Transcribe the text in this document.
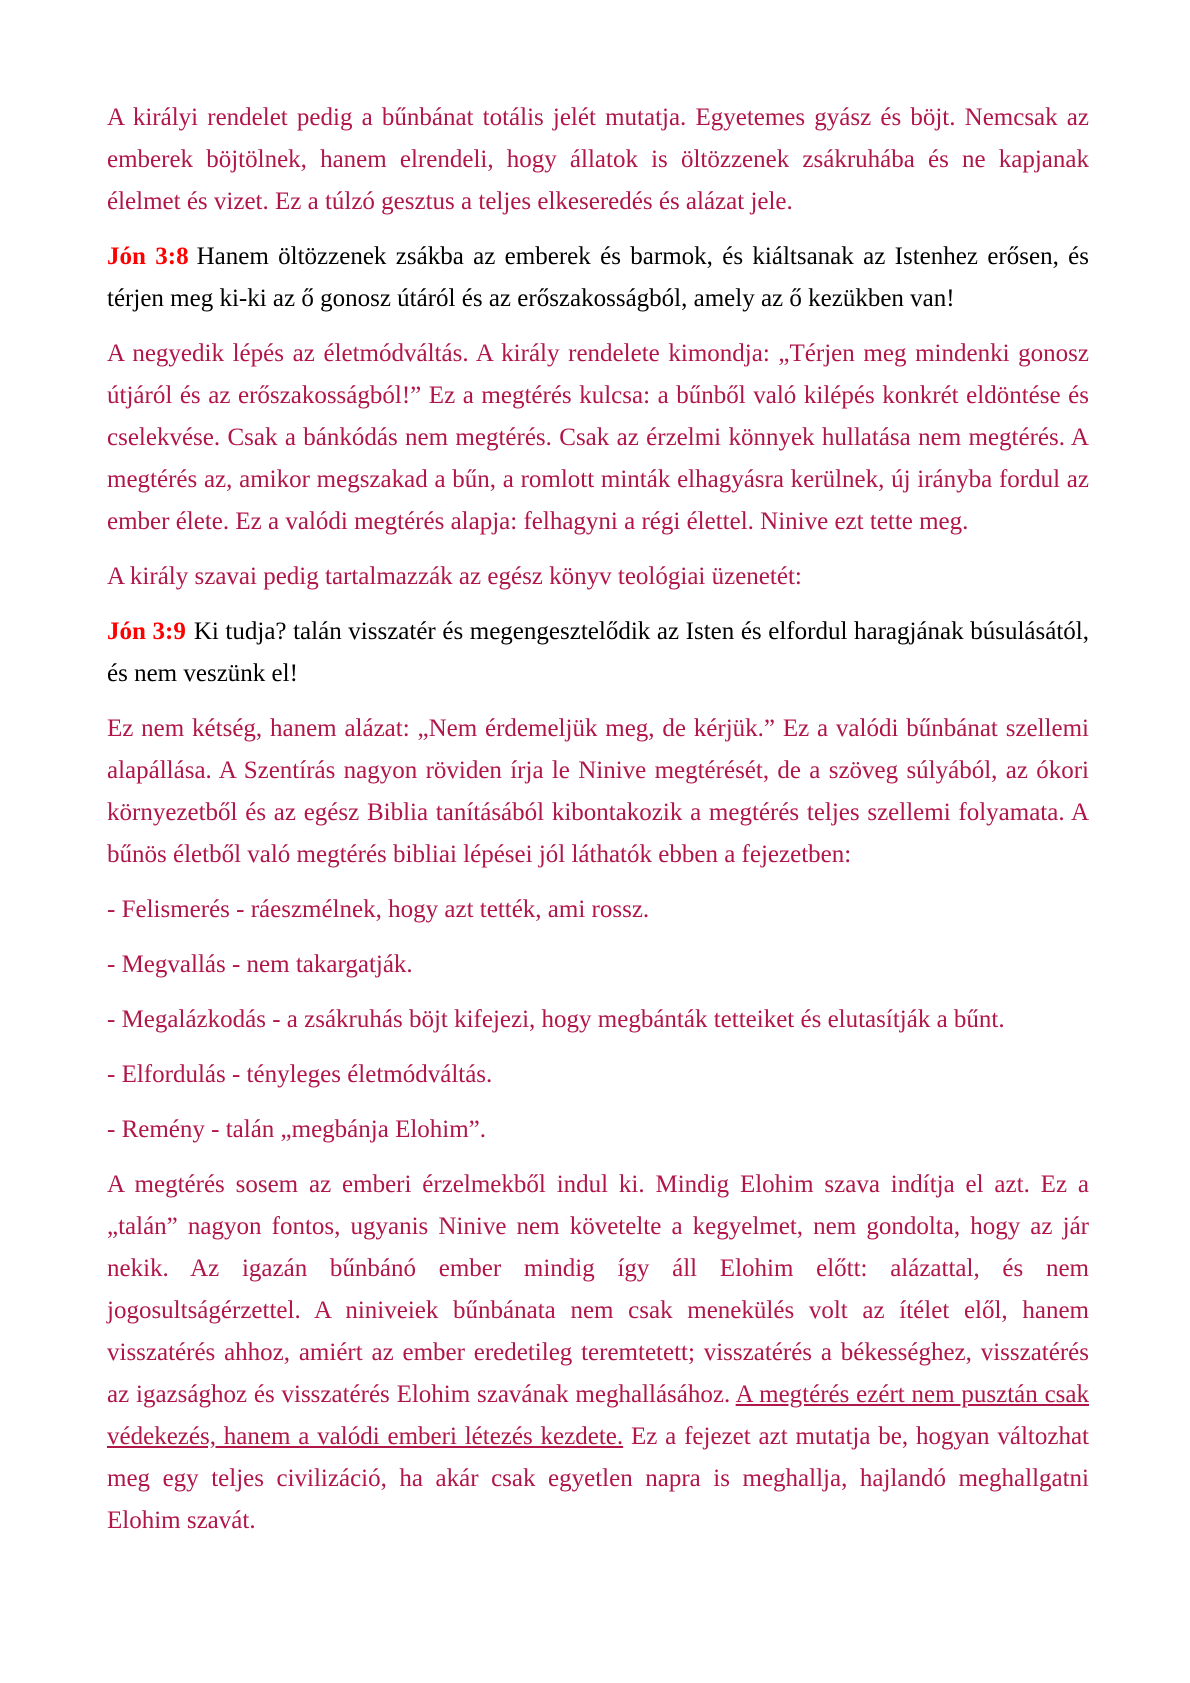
A királyi rendelet pedig a bűnbánat totális jelét mutatja. Egyetemes gyász és böjt. Nemcsak az emberek böjtölnek, hanem elrendeli, hogy állatok is öltözzenek zsákruhába és ne kapjanak élelmet és vizet. Ez a túlzó gesztus a teljes elkeseredés és alázat jele.

Jón 3:8 Hanem öltözzenek zsákba az emberek és barmok, és kiáltsanak az Istenhez erősen, és térjen meg ki-ki az ő gonosz útáról és az erőszakosságból, amely az ő kezükben van!

A negyedik lépés az életmódváltás. A király rendelete kimondja: „Térjen meg mindenki gonosz útjáról és az erőszakosságból!” Ez a megtérés kulcsa: a bűnből való kilépés konkrét eldöntése és cselekvése. Csak a bánkódás nem megtérés. Csak az érzelmi könnyek hullatása nem megtérés. A megtérés az, amikor megszakad a bűn, a romlott minták elhagyásra kerülnek, új irányba fordul az ember élete. Ez a valódi megtérés alapja: felhagyni a régi élettel. Ninive ezt tette meg.

A király szavai pedig tartalmazzák az egész könyv teológiai üzenetét:

Jón 3:9 Ki tudja? talán visszatér és megengesztelődik az Isten és elfordul haragjának búsulásától, és nem veszünk el!

Ez nem kétség, hanem alázat: „Nem érdemeljük meg, de kérjük.” Ez a valódi bűnbánat szellemi alapállása. A Szentírás nagyon röviden írja le Ninive megtérését, de a szöveg súlyából, az ókori környezetből és az egész Biblia tanításából kibontakozik a megtérés teljes szellemi folyamata. A bűnös életből való megtérés bibliai lépései jól láthatók ebben a fejezetben:

- Felismerés - ráeszmélnek, hogy azt tették, ami rossz.

- Megvallás - nem takargatják.

- Megalázkodás - a zsákruhás böjt kifejezi, hogy megbánták tetteiket és elutasítják a bűnt.

- Elfordulás - tényleges életmódváltás.

- Remény - talán „megbánja Elohim”.

A megtérés sosem az emberi érzelmekből indul ki. Mindig Elohim szava indítja el azt. Ez a „talán” nagyon fontos, ugyanis Ninive nem követelte a kegyelmet, nem gondolta, hogy az jár nekik. Az igazán bűnbánó ember mindig így áll Elohim előtt: alázattal, és nem jogosultságérzettel. A niniveiek bűnbánata nem csak menekülés volt az ítélet elől, hanem visszatérés ahhoz, amiért az ember eredetileg teremtetett; visszatérés a békességhez, visszatérés az igazsághoz és visszatérés Elohim szavának meghallásához. A megtérés ezért nem pusztán csak védekezés, hanem a valódi emberi létezés kezdete. Ez a fejezet azt mutatja be, hogyan változhat meg egy teljes civilizáció, ha akár csak egyetlen napra is meghallja, hajlandó meghallgatni Elohim szavát.
